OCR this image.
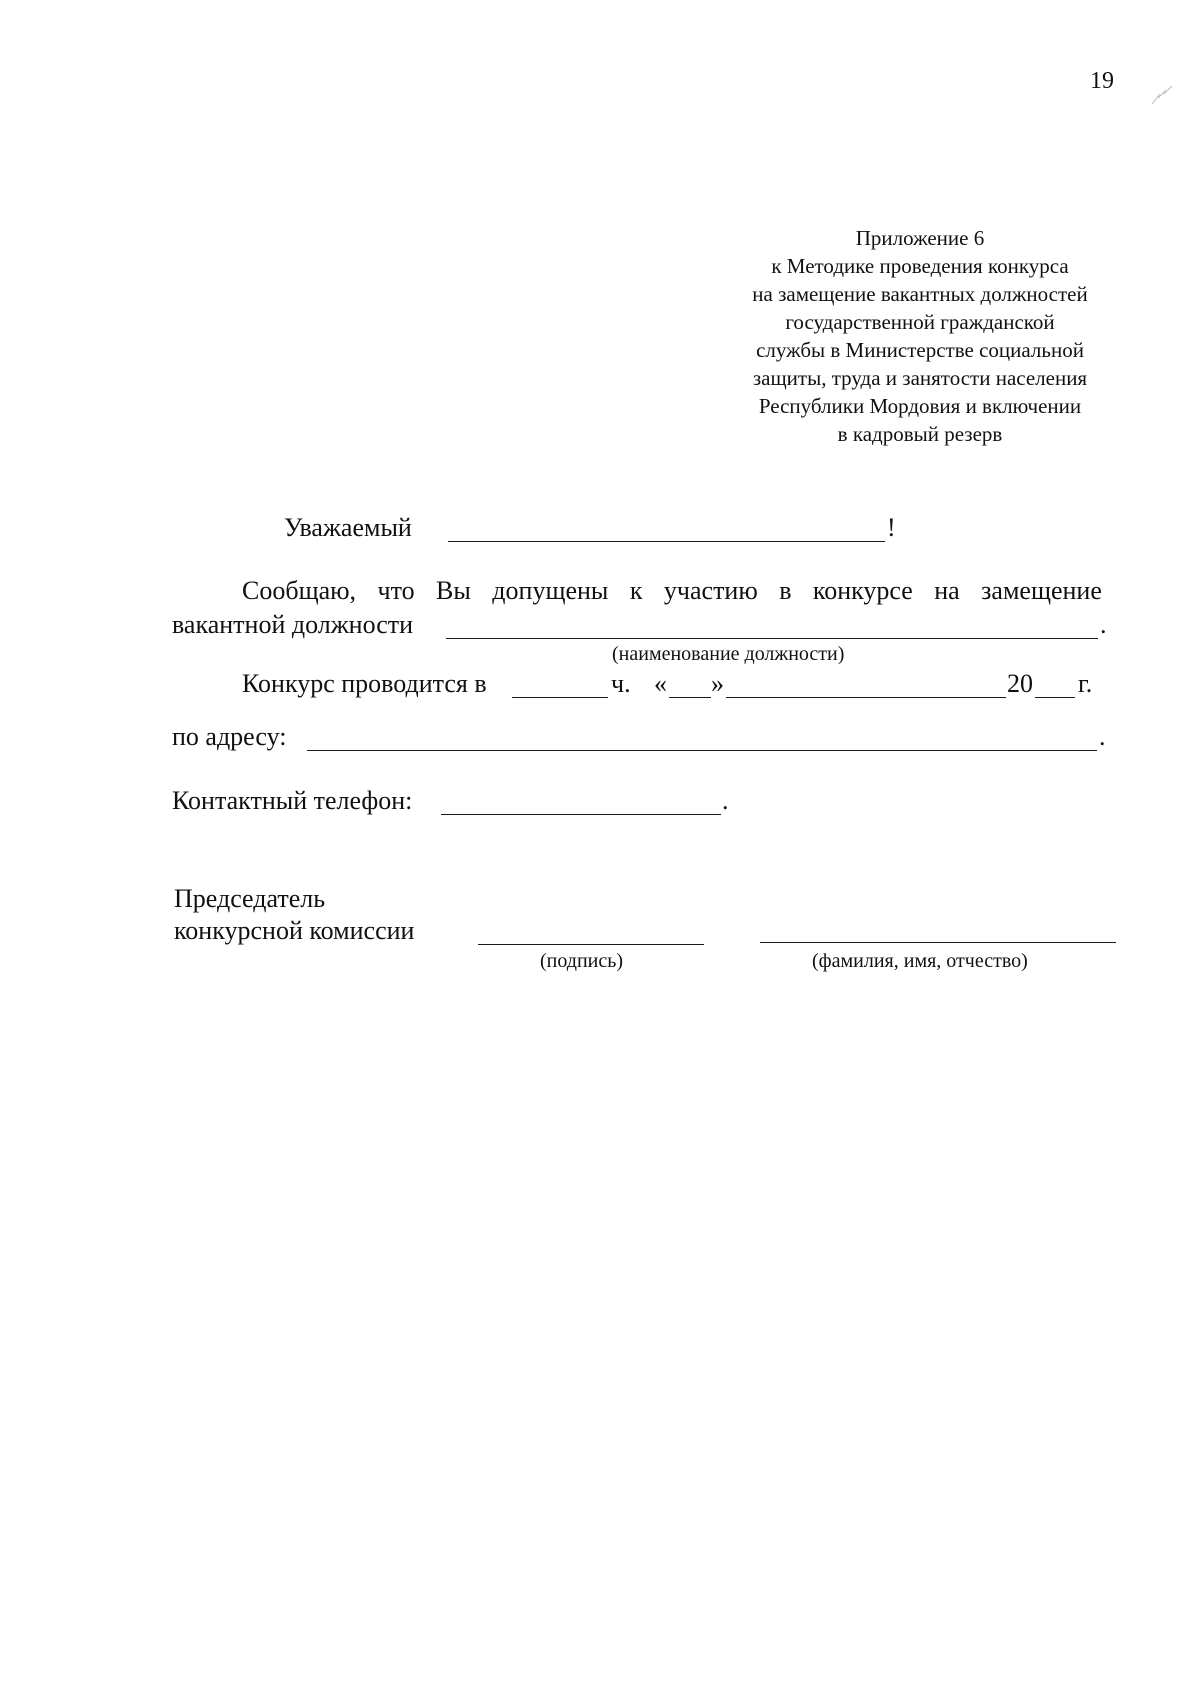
19
Приложение 6
к Методике проведения конкурса
на замещение вакантных должностей
государственной гражданской
службы в Министерстве социальной
защиты, труда и занятости населения
Республики Мордовия и включении
в кадровый резерв
Уважаемый	!
Сообщаю, что Вы допущены к участию в конкурсе на замещение
вакантной должности	.
(наименование должности)
Конкурс проводится в	ч. « »	20 г.
по адресу:	.
Контактный телефон:	.
Председатель
конкурсной комиссии
(подпись)	(фамилия, имя, отчество)
